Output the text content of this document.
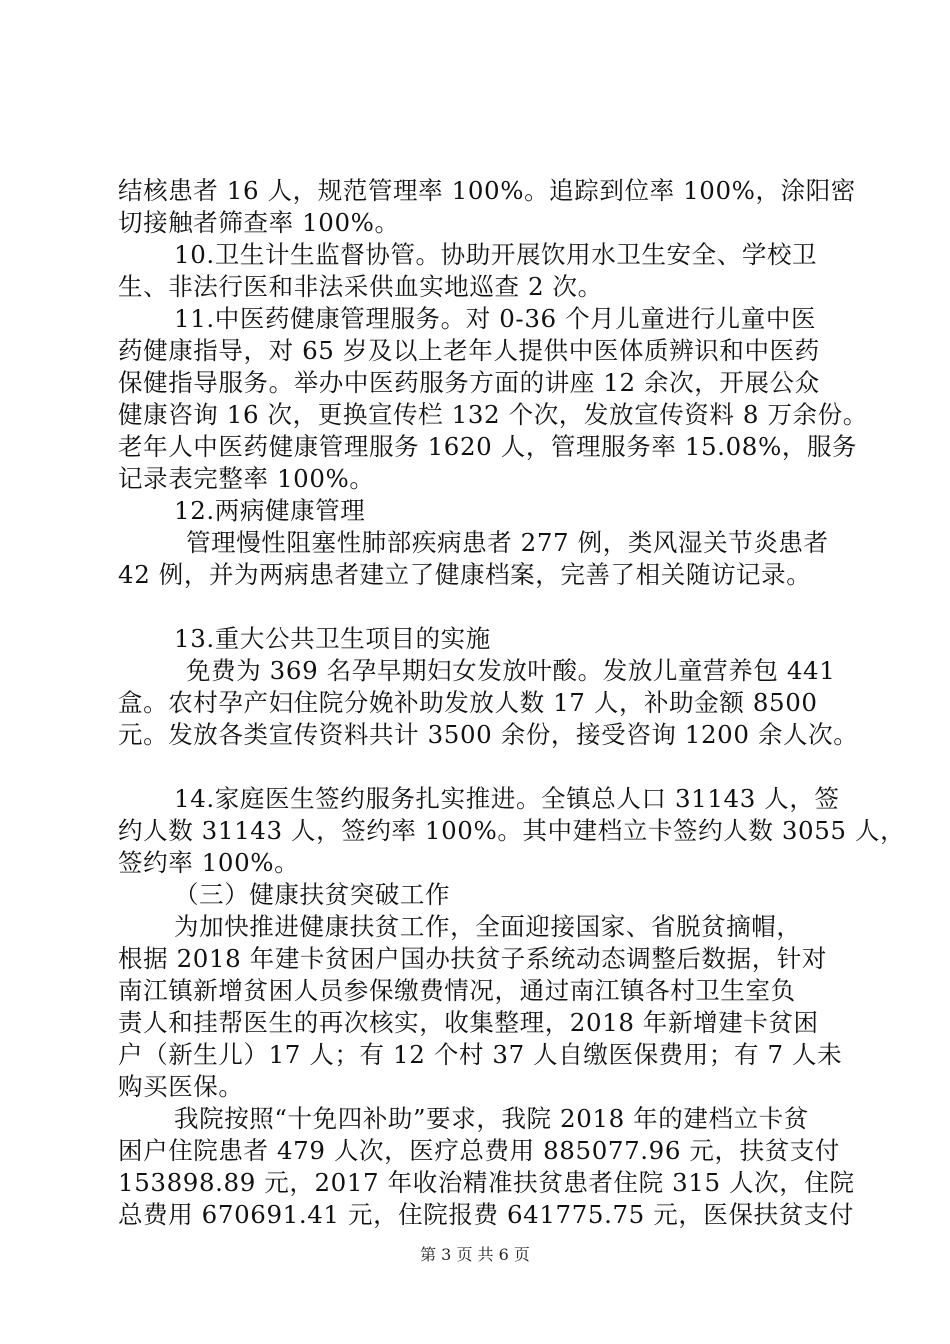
结核患者 16 人，规范管理率 100%。追踪到位率 100%，涂阳密
切接触者筛查率 100%。
10.卫生计生监督协管。协助开展饮用水卫生安全、学校卫
生、非法行医和非法采供血实地巡查 2 次。
11.中医药健康管理服务。对 0-36 个月儿童进行儿童中医
药健康指导，对 65 岁及以上老年人提供中医体质辨识和中医药
保健指导服务。举办中医药服务方面的讲座 12 余次，开展公众
健康咨询 16 次，更换宣传栏 132 个次，发放宣传资料 8 万余份。
老年人中医药健康管理服务 1620 人，管理服务率 15.08%，服务
记录表完整率 100%。
12.两病健康管理
管理慢性阻塞性肺部疾病患者 277 例，类风湿关节炎患者
42 例，并为两病患者建立了健康档案，完善了相关随访记录。
13.重大公共卫生项目的实施
免费为 369 名孕早期妇女发放叶酸。发放儿童营养包 441
盒。农村孕产妇住院分娩补助发放人数 17 人，补助金额 8500
元。发放各类宣传资料共计 3500 余份，接受咨询 1200 余人次。
14.家庭医生签约服务扎实推进。全镇总人口 31143 人，签
约人数 31143 人，签约率 100%。其中建档立卡签约人数 3055 人，
签约率 100%。
（三）健康扶贫突破工作
为加快推进健康扶贫工作，全面迎接国家、省脱贫摘帽，
根据 2018 年建卡贫困户国办扶贫子系统动态调整后数据，针对
南江镇新增贫困人员参保缴费情况，通过南江镇各村卫生室负
责人和挂帮医生的再次核实，收集整理，2018 年新增建卡贫困
户（新生儿）17 人；有 12 个村 37 人自缴医保费用；有 7 人未
购买医保。
我院按照“十免四补助”要求，我院 2018 年的建档立卡贫
困户住院患者 479 人次，医疗总费用 885077.96 元，扶贫支付
153898.89 元，2017 年收治精准扶贫患者住院 315 人次，住院
总费用 670691.41 元，住院报费 641775.75 元，医保扶贫支付
第 3 页 共 6 页
